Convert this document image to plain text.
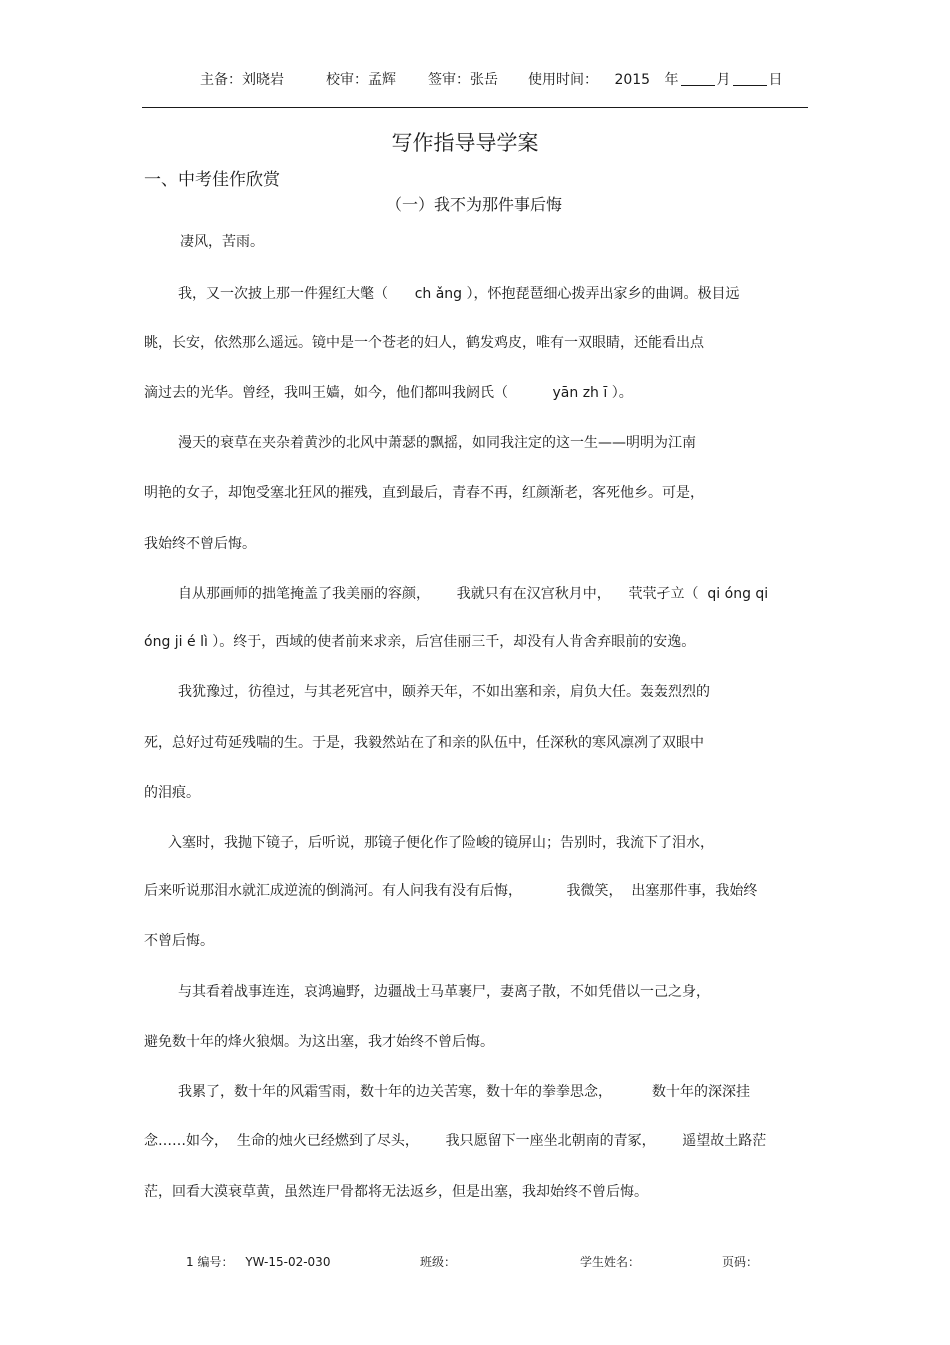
主备：刘晓岩	校审：孟辉 签审：张岳 使用时间： 2015 年	月	日
写作指导导学案
一、中考佳作欣赏
（一）我不为那件事后悔
凄风，苦雨。
我，又一次披上那一件猩红大氅（      ch ǎng ），怀抱琵琶细心拨弄出家乡的曲调。极目远
眺，长安，依然那么遥远。镜中是一个苍老的妇人，鹤发鸡皮，唯有一双眼睛，还能看出点
滴过去的光华。曾经，我叫王嫱，如今，他们都叫我阏氏（          yān zh ī ）。
漫天的衰草在夹杂着黄沙的北风中萧瑟的飘摇，如同我注定的这一生——明明为江南
明艳的女子，却饱受塞北狂风的摧残，直到最后，青春不再，红颜渐老，客死他乡。可是，
我始终不曾后悔。
自从那画师的拙笔掩盖了我美丽的容颜，      我就只有在汉宫秋月中，    茕茕孑立（  qi óng qi
óng ji é lì ）。终于，西域的使者前来求亲，后宫佳丽三千，却没有人肯舍弃眼前的安逸。
我犹豫过，彷徨过，与其老死宫中，颐养天年，不如出塞和亲，肩负大任。轰轰烈烈的
死，总好过苟延残喘的生。于是，我毅然站在了和亲的队伍中，任深秋的寒风凛冽了双眼中
的泪痕。
入塞时，我抛下镜子，后听说，那镜子便化作了险峻的镜屏山；告别时，我流下了泪水，
后来听说那泪水就汇成逆流的倒淌河。有人问我有没有后悔，          我微笑，  出塞那件事，我始终
不曾后悔。
与其看着战事连连，哀鸿遍野，边疆战士马革裹尸，妻离子散，不如凭借以一己之身，
避免数十年的烽火狼烟。为这出塞，我才始终不曾后悔。
我累了，数十年的风霜雪雨，数十年的边关苦寒，数十年的拳拳思念，         数十年的深深挂
念……如今，  生命的烛火已经燃到了尽头，      我只愿留下一座坐北朝南的青冢，      遥望故土路茫
茫，回看大漠衰草黄，虽然连尸骨都将无法返乡，但是出塞，我却始终不曾后悔。
1 编号： YW-15-02-030	班级：	学生姓名：	页码：
